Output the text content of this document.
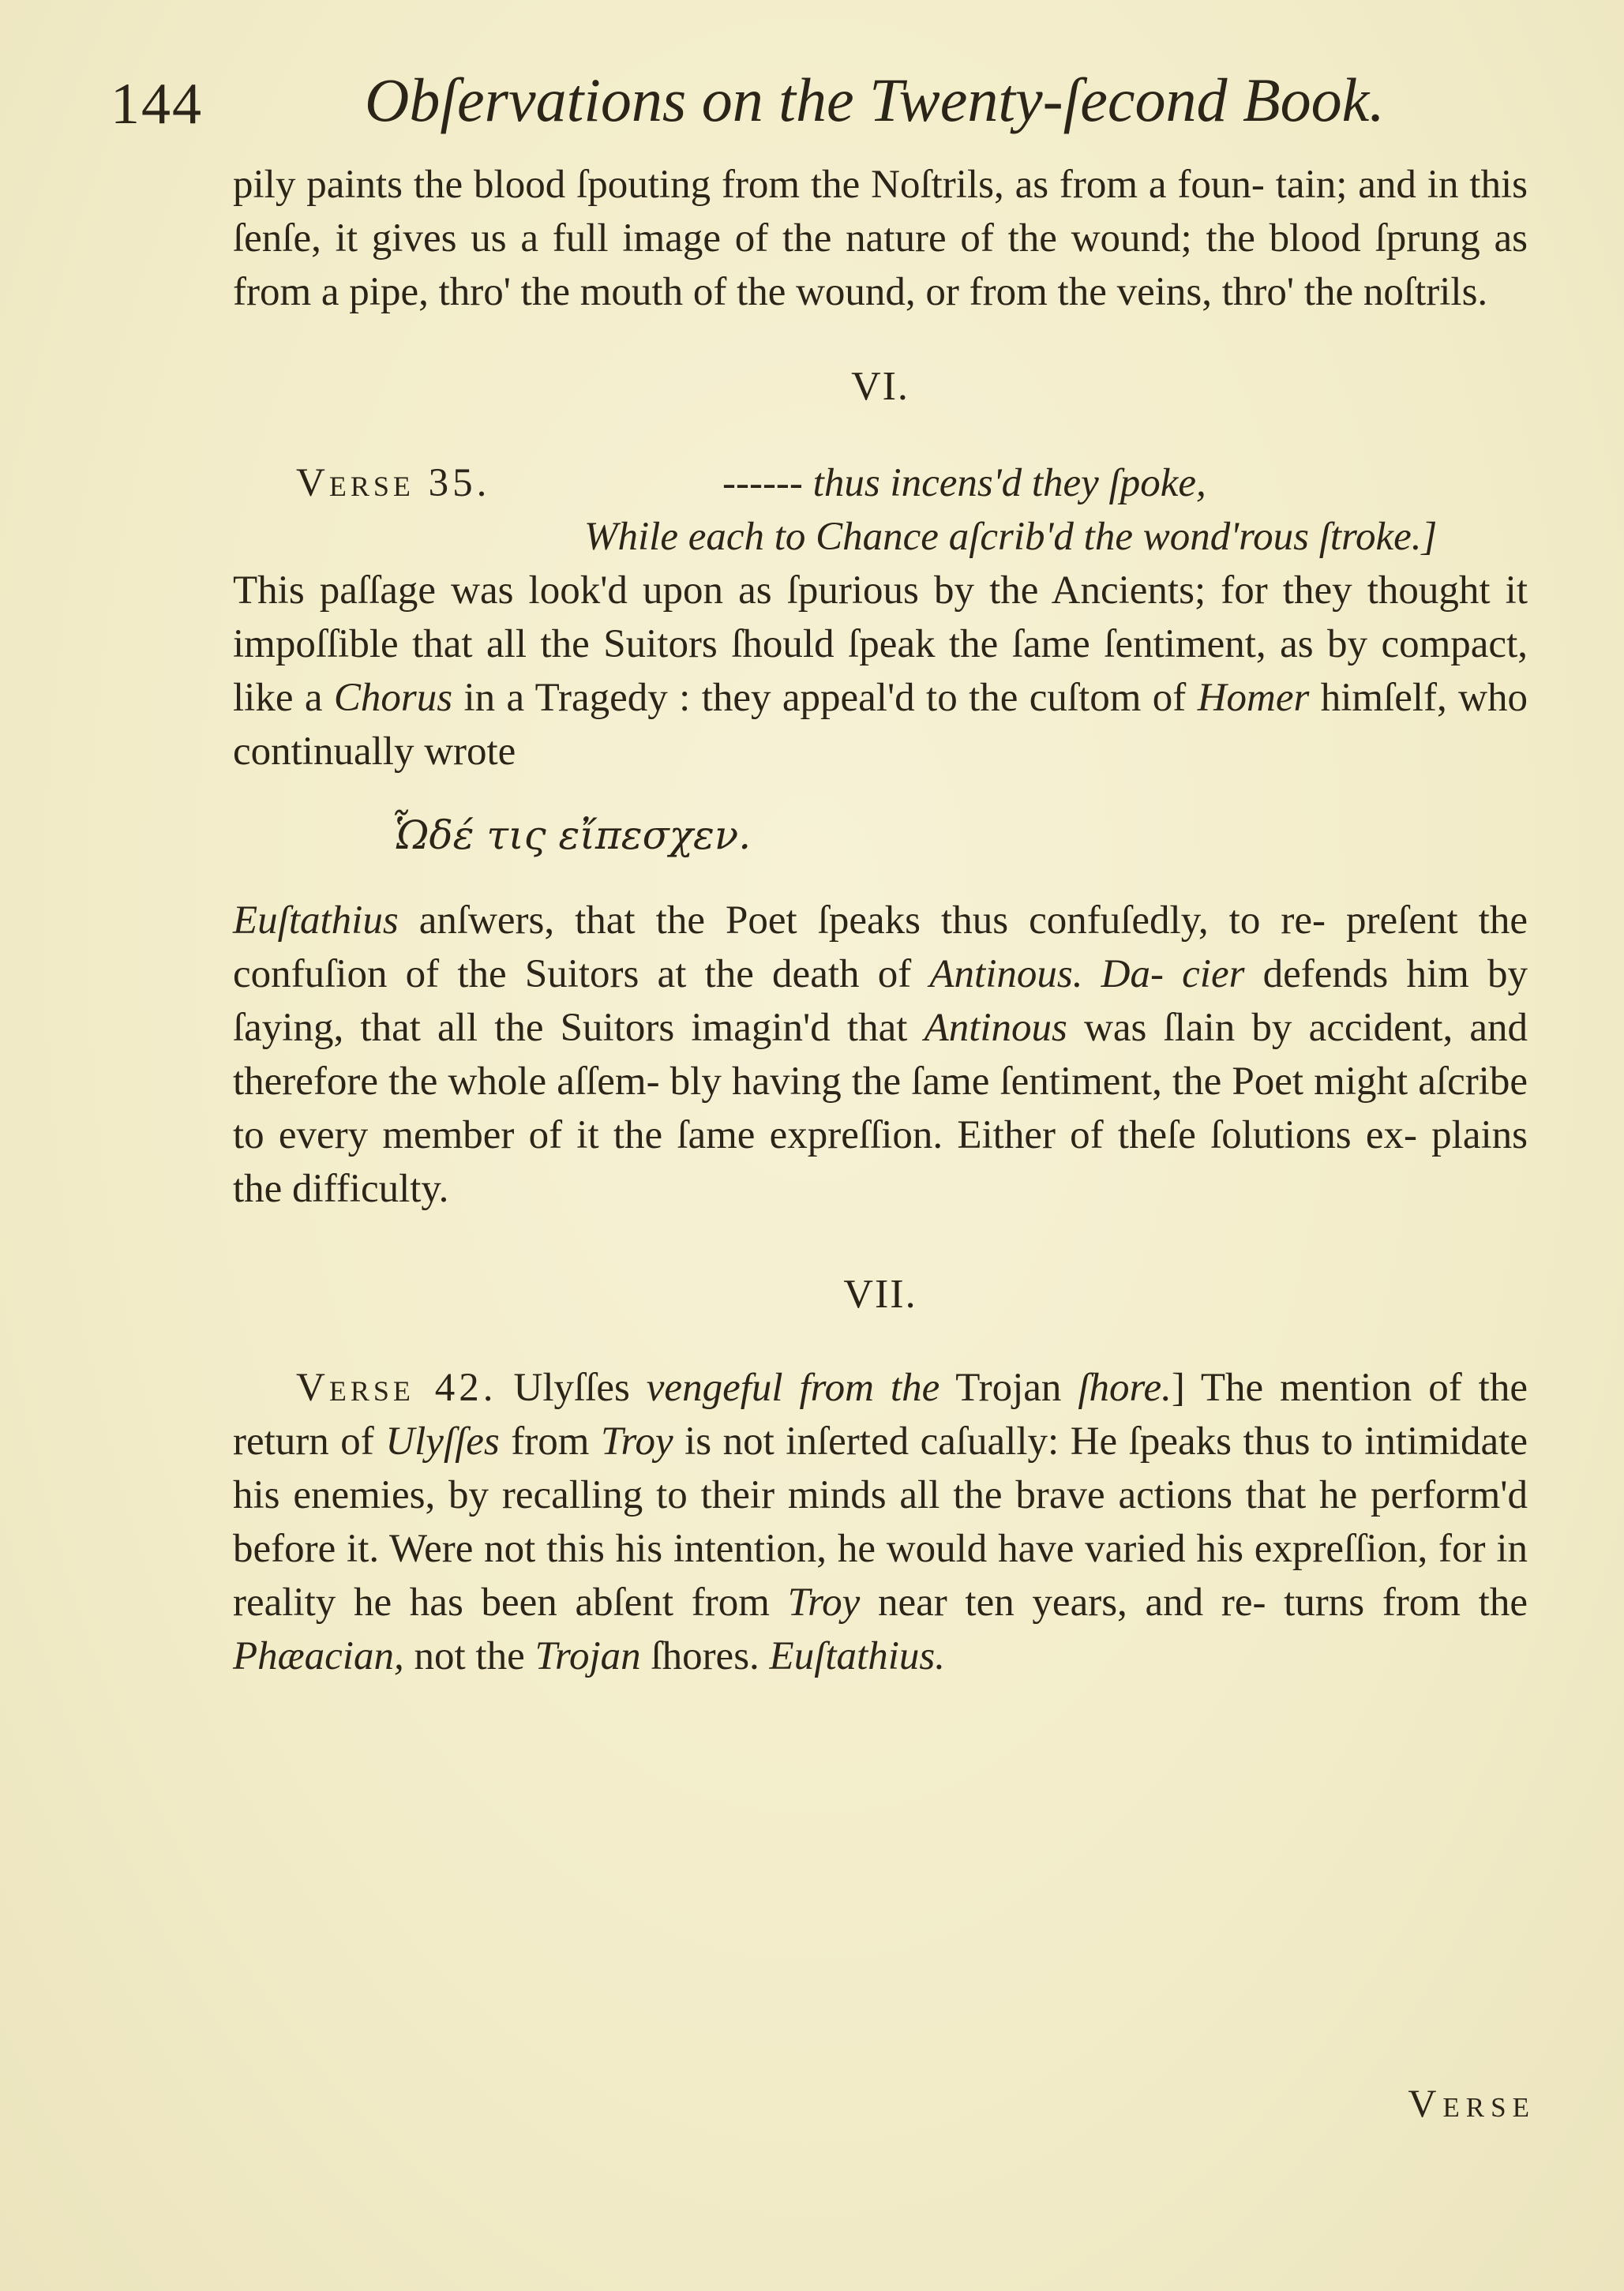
144	Obſervations on the Twenty-ſecond Book.

pily paints the blood ſpouting from the Noſtrils, as from a foun- tain; and in this ſenſe, it gives us a full image of the nature of the wound; the blood ſprung as from a pipe, thro' the mouth of the wound, or from the veins, thro' the noſtrils.

VI.
Verse 35.	------ thus incens'd they ſpoke,
While each to Chance aſcrib'd the wond'rous ſtroke.]

This paſſage was look'd upon as ſpurious by the Ancients; for they thought it impoſſible that all the Suitors ſhould ſpeak the ſame ſentiment, as by compact, like a Chorus in a Tragedy : they appeal'd to the cuſtom of Homer himſelf, who continually wrote

Ὧδέ τις εἴπεσχεν.

Euſtathius anſwers, that the Poet ſpeaks thus confuſedly, to re- preſent the confuſion of the Suitors at the death of Antinous. Da- cier defends him by ſaying, that all the Suitors imagin'd that Antinous was ſlain by accident, and therefore the whole aſſem- bly having the ſame ſentiment, the Poet might aſcribe to every member of it the ſame expreſſion. Either of theſe ſolutions ex- plains the difficulty.

VII.

Verse 42. Ulyſſes vengeful from the Trojan ſhore.] The mention of the return of Ulyſſes from Troy is not inſerted caſually: He ſpeaks thus to intimidate his enemies, by recalling to their minds all the brave actions that he perform'd before it. Were not this his intention, he would have varied his expreſſion, for in reality he has been abſent from Troy near ten years, and re- turns from the Phæacian, not the Trojan ſhores. Euſtathius.

Verse
